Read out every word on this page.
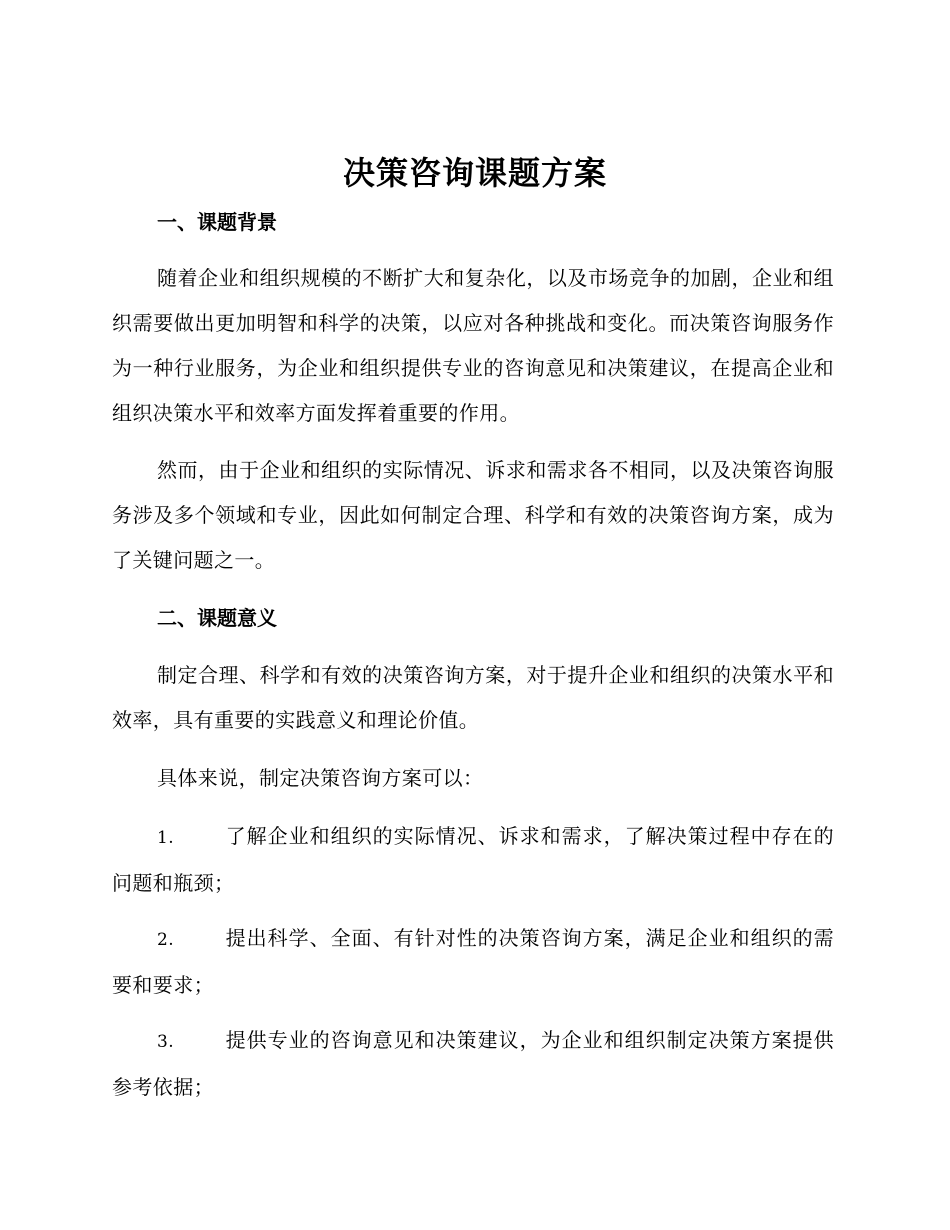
决策咨询课题方案
一、课题背景
随着企业和组织规模的不断扩大和复杂化，以及市场竞争的加剧，企业和组织需要做出更加明智和科学的决策，以应对各种挑战和变化。而决策咨询服务作为一种行业服务，为企业和组织提供专业的咨询意见和决策建议，在提高企业和组织决策水平和效率方面发挥着重要的作用。
然而，由于企业和组织的实际情况、诉求和需求各不相同，以及决策咨询服务涉及多个领域和专业，因此如何制定合理、科学和有效的决策咨询方案，成为了关键问题之一。
二、课题意义
制定合理、科学和有效的决策咨询方案，对于提升企业和组织的决策水平和效率，具有重要的实践意义和理论价值。
具体来说，制定决策咨询方案可以：
1.	了解企业和组织的实际情况、诉求和需求，了解决策过程中存在的问题和瓶颈；
2.	提出科学、全面、有针对性的决策咨询方案，满足企业和组织的需要和要求；
3.	提供专业的咨询意见和决策建议，为企业和组织制定决策方案提供参考依据；
